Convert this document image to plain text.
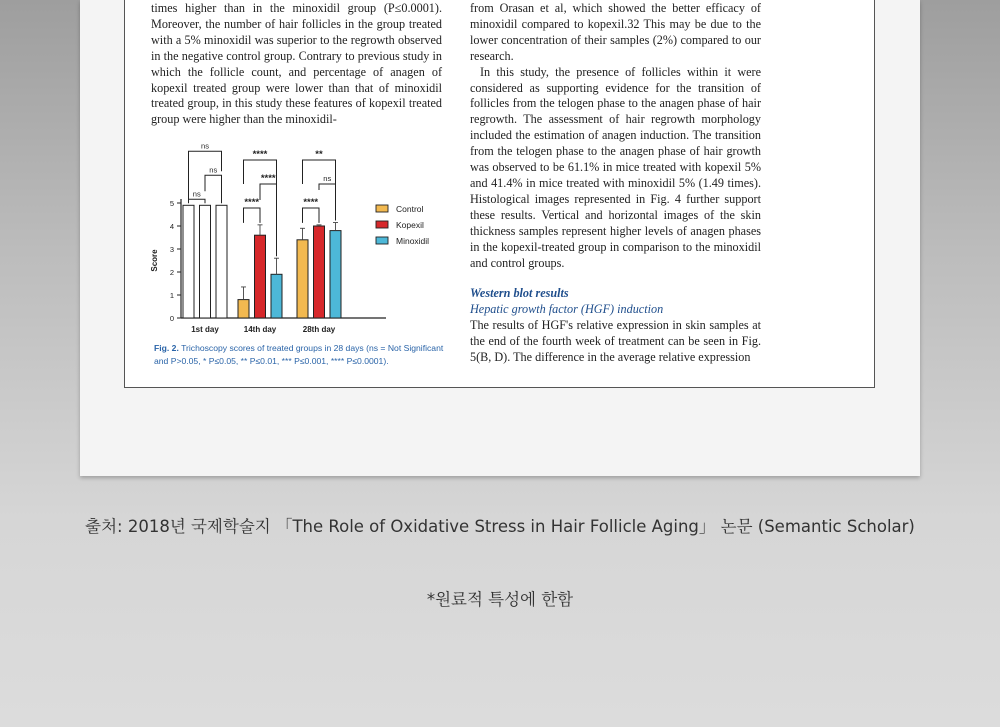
times higher than in the minoxidil group (P≤0.0001). Moreover, the number of hair follicles in the group treated with a 5% minoxidil was superior to the regrowth observed in the negative control group. Contrary to previous study in which the follicle count, and percentage of anagen of kopexil treated group were lower than that of minoxidil treated group, in this study these features of kopexil treated group were higher than the minoxidil-

from Orasan et al, which showed the better efficacy of minoxidil compared to kopexil.32 This may be due to the lower concentration of their samples (2%) compared to our research.

In this study, the presence of follicles within it were considered as supporting evidence for the transition of follicles from the telogen phase to the anagen phase of hair regrowth. The assessment of hair regrowth morphology included the estimation of anagen induction. The transition from the telogen phase to the anagen phase of hair growth was observed to be 61.1% in mice treated with kopexil 5% and 41.4% in mice treated with minoxidil 5% (1.49 times). Histological images represented in Fig. 4 further support these results. Vertical and horizontal images of the skin thickness samples represent higher levels of anagen phases in the kopexil-treated group in comparison to the minoxidil and control groups.

Western blot results

Hepatic growth factor (HGF) induction

The results of HGF's relative expression in skin samples at the end of the fourth week of treatment can be seen in Fig. 5(B, D). The difference in the average relative expression

0
1
2
3
4
5
Score
1st day	14th day	28th day
ns
ns
ns
****
****
****
****
ns
**
Control
Kopexil
Minoxidil
Fig. 2. Trichoscopy scores of treated groups in 28 days (ns = Not Significant and P>0.05, * P≤0.05, ** P≤0.01, *** P≤0.001, **** P≤0.0001).
출처: 2018년 국제학술지 「The Role of Oxidative Stress in Hair Follicle Aging」 논문 (Semantic Scholar)
*원료적 특성에 한함
